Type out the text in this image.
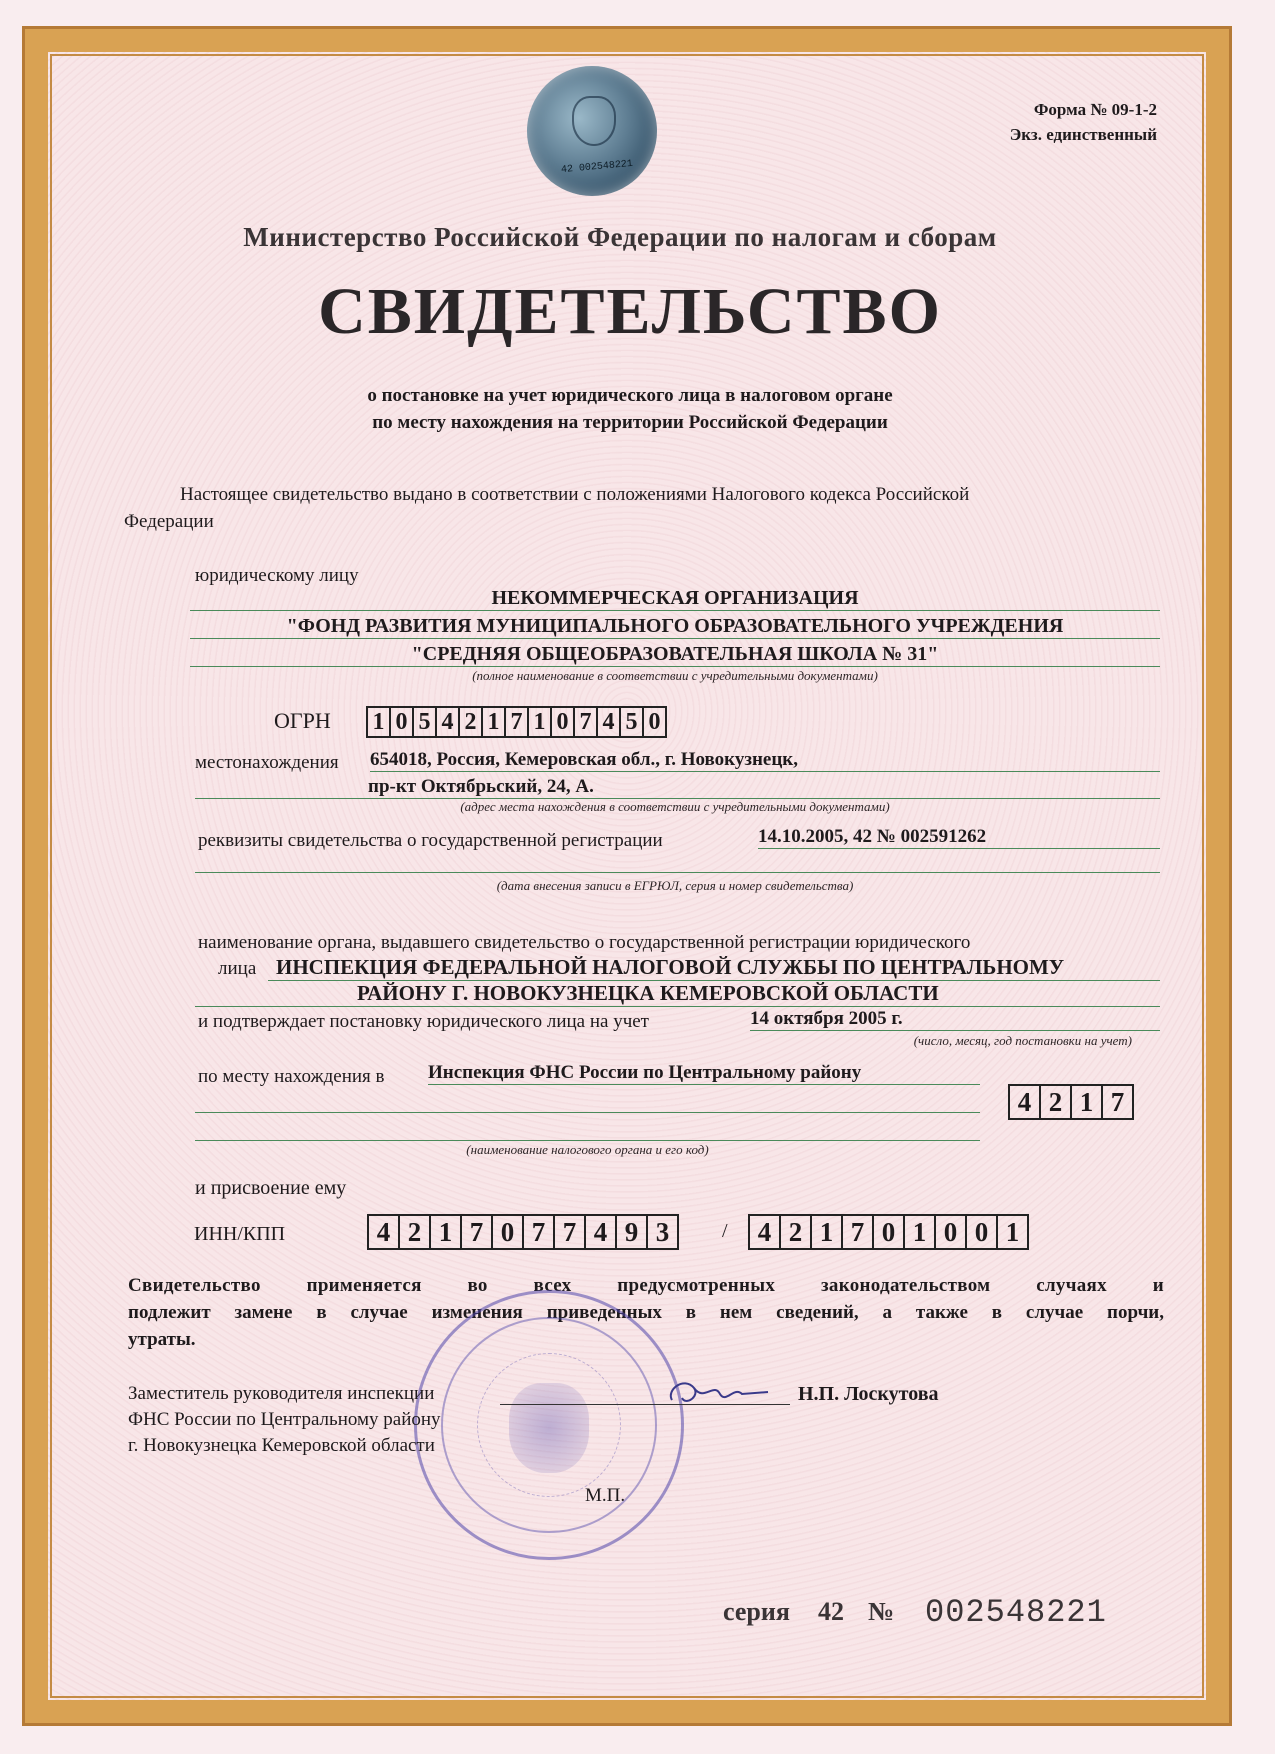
42 002548221
Форма № 09-1-2
Экз. единственный
Министерство Российской Федерации по налогам и сборам
СВИДЕТЕЛЬСТВО
о постановке на учет юридического лица в налоговом органе
по месту нахождения на территории Российской Федерации
Настоящее свидетельство выдано в соответствии с положениями Налогового кодекса Российской
Федерации
юридическому лицу
НЕКОММЕРЧЕСКАЯ ОРГАНИЗАЦИЯ
"ФОНД РАЗВИТИЯ МУНИЦИПАЛЬНОГО ОБРАЗОВАТЕЛЬНОГО УЧРЕЖДЕНИЯ
"СРЕДНЯЯ ОБЩЕОБРАЗОВАТЕЛЬНАЯ ШКОЛА № 31"
(полное наименование в соответствии с учредительными документами)
ОГРН 1 0 5 4 2 1 7 1 0 7 4 5 0
местонахождения 654018, Россия, Кемеровская обл., г. Новокузнецк,
пр-кт Октябрьский, 24, А.
(адрес места нахождения в соответствии с учредительными документами)
реквизиты свидетельства о государственной регистрации	14.10.2005, 42 № 002591262
(дата внесения записи в ЕГРЮЛ, серия и номер свидетельства)
наименование органа, выдавшего свидетельство о государственной регистрации юридического
лица ИНСПЕКЦИЯ ФЕДЕРАЛЬНОЙ НАЛОГОВОЙ СЛУЖБЫ ПО ЦЕНТРАЛЬНОМУ
РАЙОНУ Г. НОВОКУЗНЕЦКА КЕМЕРОВСКОЙ ОБЛАСТИ
и подтверждает постановку юридического лица на учет	14 октября 2005 г.
(число, месяц, год постановки на учет)
по месту нахождения в Инспекция ФНС России по Центральному району
4 2 1 7
(наименование налогового органа и его код)
и присвоение ему
ИНН/КПП	4 2 1 7 0 7 7 4 9 3	/	4 2 1 7 0 1 0 0 1
Свидетельство применяется во всех предусмотренных законодательством случаях и
подлежит замене в случае изменения приведенных в нем сведений, а также в случае порчи,
утраты.
Заместитель руководителя инспекции	Н.П. Лоскутова
ФНС России по Центральному району
г. Новокузнецка Кемеровской области
М.П.
серия 42 № 002548221
